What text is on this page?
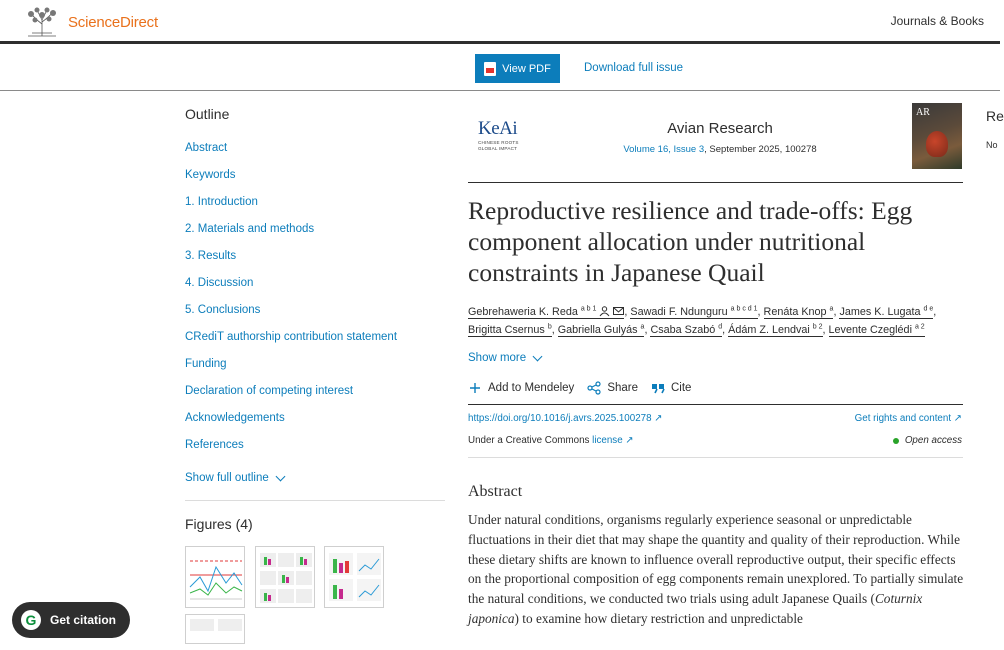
ScienceDirect	Journals & Books
View PDF	Download full issue
Outline
Abstract
Keywords
1. Introduction
2. Materials and methods
3. Results
4. Discussion
5. Conclusions
CRediT authorship contribution statement
Funding
Declaration of competing interest
Acknowledgements
References
Show full outline
Figures (4)
KeAi
CHINESE ROOTS
GLOBAL IMPACT
Avian Research
Volume 16, Issue 3, September 2025, 100278
AR	Re
No
Reproductive resilience and trade-offs: Egg component allocation under nutritional constraints in Japanese Quail
Gebrehaweria K. Reda $^{a b 1}$	, Sawadi F. Ndunguru $^{a b c d 1}$, Renáta Knop $^a$, James K. Lugata $^{d e}$,
Brigitta Csernus $^b$, Gabriella Gulyás $^a$, Csaba Szabó $^d$, Ádám Z. Lendvai $^{b 2}$, Levente Czeglédi $^{a 2}$
Show more
Add to Mendeley	Share	Cite
https://doi.org/10.1016/j.avrs.2025.100278 ↗	Get rights and content ↗
Under a Creative Commons license ↗	Open access
Abstract

Under natural conditions, organisms regularly experience seasonal or unpredictable fluctuations in their diet that may shape the quantity and quality of their reproduction. While these dietary shifts are known to influence overall reproductive output, their specific effects on the proportional composition of egg components remain unexplored. To partially simulate the natural conditions, we conducted two trials using adult Japanese Quails (Coturnix japonica) to examine how dietary restriction and unpredictable

G	Get citation
